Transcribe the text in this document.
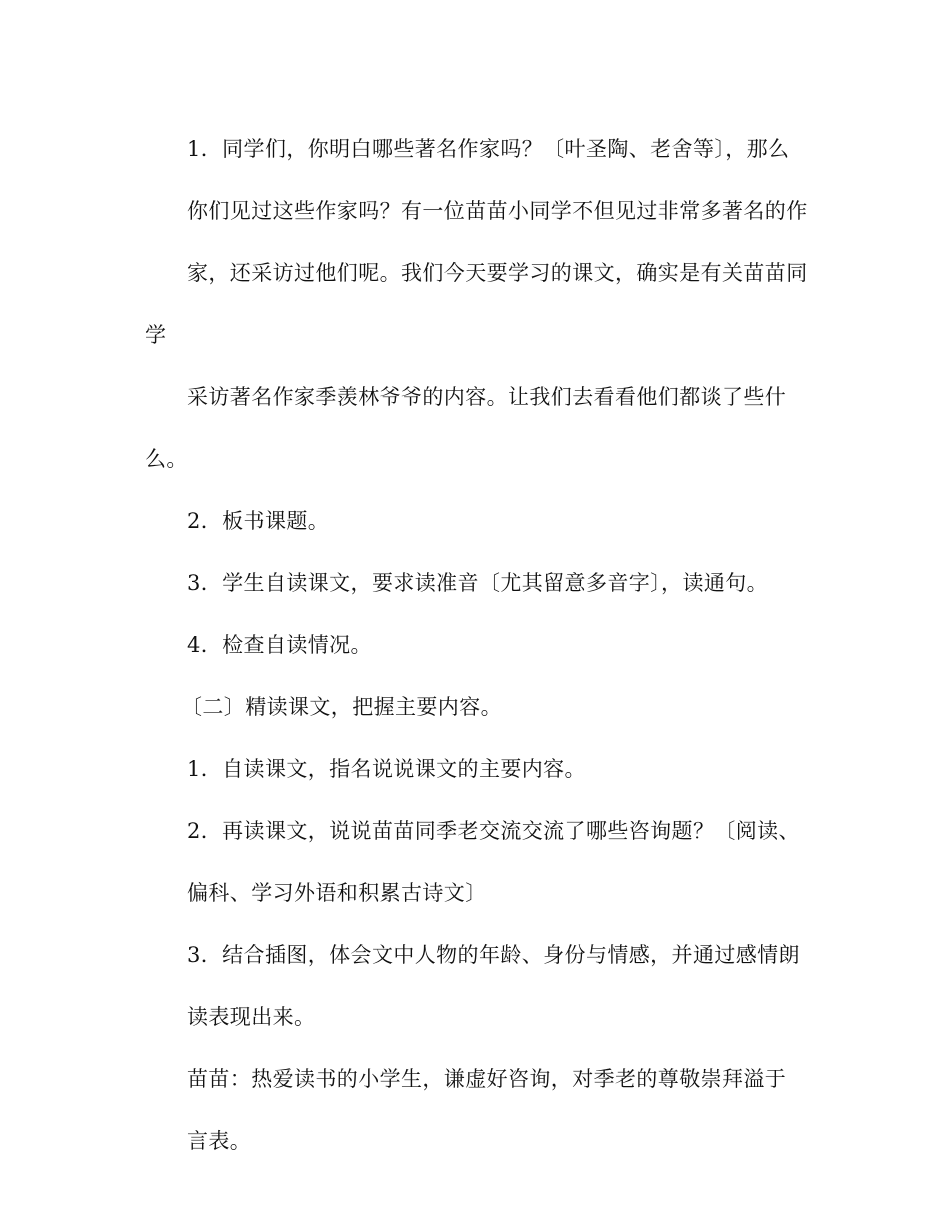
1．同学们，你明白哪些著名作家吗？〔叶圣陶、老舍等〕，那么
你们见过这些作家吗？有一位苗苗小同学不但见过非常多著名的作
家，还采访过他们呢。我们今天要学习的课文，确实是有关苗苗同学
采访著名作家季羡林爷爷的内容。让我们去看看他们都谈了些什么。

2．板书课题。

3．学生自读课文，要求读准音〔尤其留意多音字〕，读通句。

4．检查自读情况。

〔二〕精读课文，把握主要内容。

1．自读课文，指名说说课文的主要内容。

2．再读课文，说说苗苗同季老交流交流了哪些咨询题？〔阅读、
偏科、学习外语和积累古诗文〕

3．结合插图，体会文中人物的年龄、身份与情感，并通过感情朗
读表现出来。

苗苗：热爱读书的小学生，谦虚好咨询，对季老的尊敬崇拜溢于
言表。
